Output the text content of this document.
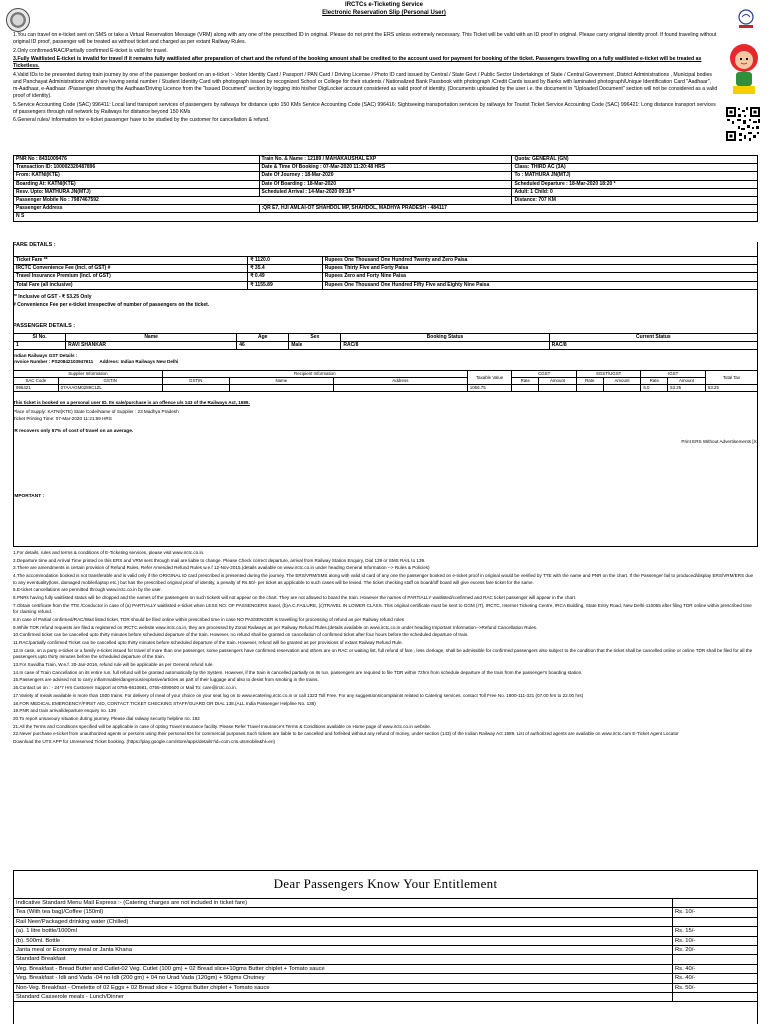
IRCTCs e-Ticketing Service
Electronic Reservation Slip (Personal User)

1.You can travel on e-ticket sent on SMS or take a Virtual Reservation Message (VRM) along with any one of the prescribed ID in original. Please do not print the ERS unless extremely necessary. This Ticket will be valid with an ID proof in original. Please carry original identity proof. If found traveling without original ID proof, passenger will be treated as without ticket and charged as per extant Railway Rules.

2.Only confirmed/RAC/Partially confirmed E-ticket is valid for travel.

3.Fully Waitlisted E-ticket is invalid for travel if it remains fully waitlisted after preparation of chart and the refund of the booking amount shall be credited to the account used for payment for booking of the ticket. Passengers travelling on a fully waitlisted e-ticket will be treated as Ticketless.

4.Valid IDs to be presented during train journey by one of the passenger booked on an e-ticket :- Voter Identity Card / Passport / PAN Card / Driving License / Photo ID card issued by Central / State Govt / Public Sector Undertakings of State / Central Government ,District Administrations , Municipal bodies and Panchayat Administrations which are having serial number / Student Identity Card with photograph issued by recognized School or College for their students / Nationalized Bank Passbook with photograph /Credit Cards issued by Banks with laminated photograph/Unique Identification Card "Aadhaar", m-Aadhaar, e-Aadhaar. /Passenger showing the Aadhaar/Driving Licence from the "Issued Document" section by logging into his/her DigiLocker account considered as valid proof of identity. (Documents uploaded by the user i.e. the document in "Uploaded Document" section will not be considered as a valid proof of identity).

5.Service Accounting Code (SAC) 996411: Local land transport services of passengers by railways for distance upto 150 KMs Service Accounting Code (SAC) 996416: Sightseeing transportation services by railways for Tourist Ticket Service Accounting Code (SAC) 996421: Long distance transport services of passengers through rail network by Railways for distance beyond 150 KMs

6.General rules/ Information for e-ticket passenger have to be studied by the customer for cancellation & refund.

PNR No : 8431009476	Train No. & Name : 12189 / MAHAKAUSHAL EXP	Quota: GENERAL (GN)
Transaction ID: 100002320487896	Date & Time Of Booking : 07-Mar-2020 11:20:48 HRS	Class: THIRD AC (3A)
From: KATNI(KTE)	Date Of Journey : 18-Mar-2020	To : MATHURA JN(MTJ)
Boarding At: KATNI(KTE)	Date Of Boarding : 18-Mar-2020	Scheduled Departure : 18-Mar-2020 18:20 *
Resv. Upto: MATHURA JN(MTJ)	Scheduled Arrival : 14-Mar-2020 09:16 *	Adult: 1 Child: 0
Passenger Mobile No : 7987467592		Distance: 707 KM
Passenger Address	:QR E7, HJI AMLAI-OT SHAHDOL MP, SHAHDOL, MADHYA PRADESH - 484117	
N S		
FARE DETAILS :
Ticket Fare **	₹ 1120.0	Rupees One Thousand One Hundred Twenty and Zero Paisa
IRCTC Convenience Fee (Incl. of GST) #	₹ 35.4	Rupees Thirty Five and Forty Paisa
Travel Insurance Premium (Incl. of GST)	₹ 0.49	Rupees Zero and Forty Nine Paisa
Total Fare (all inclusive)	₹ 1155.89	Rupees One Thousand One Hundred Fifty Five and Eighty Nine Paisa
** Inclusive of GST - ₹ 53.25 Only
# Convenience Fee per e-ticket irrespective of number of passengers on the ticket.
PASSENGER DETAILS :
Sl No.	Name	Age	Sex	Booking Status	Current Status
1	RAVI SHANKAR	46	Male	RAC/8	RAC/8
Indian Railways GST Details :
Invoice Number : PS20842103947611 Address: Indian Railways New Delhi
Supplier Information		Recipient Information			Taxable Value	CGST		SGST/UGST		IGST		Total Tax
SAC Code	GSTIN	GSTIN	Name	Address		Rate	Amount	Rate	Amount	Rate	Amount	
996421	07AAAGM0289C1ZL				1066.75					5.0	53.25	53.25
This ticket is booked on a personal user ID. Its sale/purchase is an offence u/s 143 of the Railways Act, 1989.
Place of Supply: KATNI(KTE) State Code/Name of Supplier : 23 Madhya Pradesh
Ticket Printing Time: 07-Mar-2020 11:21:59 HRS
IR recovers only 57% of cost of travel on an average.
Print ERS Without Advertisements [X]
IMPORTANT :

1.For details, rules and terms & conditions of E-Ticketing services, please visit www.irctc.co.in.

2.Departure time and Arrival Time printed on this ERS and VRM sent through mail are liable to change. Please Check correct departure, arrival from Railway Station Enquiry, Dial 139 or SMS RAIL to 139.

3.There are amendments in certain provision of Refund Rules. Refer Amended Refund Rules w.e.f 12-Nov-2015.(details available on www.irctc.co.in under heading General Information --> Rules & Policies)

4.The accommodation booked is not transferable and is valid only if the ORIGINAL ID card prescribed is presented during the journey. The ERS/VRM/SMS along with valid id card of any one the passenger booked on e-ticket proof in original would be verified by TTE with the name and PNR on the chart. If the Passenger fail to produced/display ERS/VRM/ERS due to any eventuality(loss, damaged mobile/laptop etc.) but has the prescribed original proof of identity, a penalty of Rs.50/- per ticket as applicable to such cases will be levied. The ticket checking staff on board/off board will give excess fare ticket for the same.

5.E-ticket cancellations are permitted through www.irctc.co.in by the user.

6.PNRs having fully waitlisted status will be dropped and the names of the passengers on such tickets will not appear on the chart. They are not allowed to board the train. However the names of PARTIALLY waitlisted/confirmed and RAC ticket passenger will appear in the chart.

7.Obtain certificate from the TTE /Conductor in case of (a) PARTIALLY waitlisted e-ticket when LESS NO. OF PASSENGERS travel, (b)A.C.FAILURE, (c)TRAVEL IN LOWER CLASS. This original certificate must be sent to GGM (IT), IRCTC, Internet Ticketing Centre, IRCA Building, State Entry Road, New Delhi-110055 after filing TDR online within prescribed time for claiming refund.

8.In case of Partial confirmed/RAC/Wait listed ticket, TDR should be filed online within prescribed time in case NO PASSENGER is travelling for processing of refund as per Railway refund rules

9.While TDR refund requests are filed & registered on IRCTC website www.irctc.co.in, they are processed by Zonal Railways as per Railway Refund Rules.(details available on www.irctc.co.in under heading Important Information-->Refund Cancellation Rules.

10.Confirmed ticket can be cancelled upto thirty minutes before scheduled departure of the train. However, no refund shall be granted on cancellation of confirmed ticket after four hours before the scheduled departure of train.

11.RAC/partially confirmed Ticket can be cancelled upto thirty minutes before scheduled departure of the train. However, refund will be granted as per provisions of extant Railway Refund Rule.

12.In case, on a party e-ticket or a family e-ticket issued for travel of more than one passenger, some passengers have confirmed reservation and others are on RAC or waiting list, full refund of fare , less clerkage, shall be admissible for confirmed passengers also subject to the condition that the ticket shall be cancelled online or online TDR shall be filed for all the passengers upto thirty minutes before the scheduled departure of the train.

13.For Suvidha Train, W.e.f. 20-Jan-2016, refund rule will be applicable as per General refund rule.

14.In case of Train Cancellation on its entire run, full refund will be granted automatically by the System. However, if the train is cancelled partially on its run, passengers are required to file TDR within 72hrs from schedule departure of the train from the passenger's boarding station.

15.Passengers are advised not to carry inflammable/dangerous/explosive/articles as part of their luggage and also to desist from smoking in the trains.

16.Contact us on : - 24*7 Hrs Customer Support at 0755-6610661, 0755-4090600 or Mail To: care@irctc.co.in.

17.Variety of meals available in more than 1500 trains. For delivery of meal of your choice on your seat log on to www.ecatering.irctc.co.in or call 1323 Toll Free. For any suggestions/complaints related to Catering services, contact Toll Free No. 1800-111-321 (07.00 hrs to 22.00 hrs)

18.FOR MEDICAL EMERGENCY/FIRST AID, CONTACT TICKET CHECKING STAFF/GUARD OR DIAL 138.(ALL India Passenger Helpline No. 138)

19.PNR and train arrival/departure enquiry no. 139

20.To report unsavoury situation during journey, Please dial railway security helpline no. 182

21.All the Terms and Conditions specified will be applicable in case of opting Travel Insurance facility. Please Refer Travel Insurance's Terms & Conditions available on Home page of www.irctc.co.in website.

22.Never purchase e-ticket from unauthorized agents or persons using their personal IDs for commercial purposes.Such tickets are liable to be cancelled and forfeited without any refund of money, under section (143) of the Indian Railway Act 1989. List of authorized agents are available on www.irctc.com E-Ticket Agent Locator

Download the UTS APP for Unreserved Ticket booking. (https://play.google.com/store/apps/details?id=com.cris.utsmobile&hl=en)

Dear Passengers Know Your Entitlement
Indicative Standard Menu Mail Express :- (Catering charges are not included in ticket fare)	
Tea (With tea bag)/Coffee (150ml)	Rs. 10/-
Rail Neer/Packaged drinking water (Chilled)	
(a). 1 litre bottle/1000ml	Rs. 15/-
(b). 500ml. Bottle	Rs. 10/-
Janta meal or Economy meal or Janta Khana	Rs. 20/-
Standard Breakfast	
Veg. Breakfast - Bread Butter and Cutlet-02 Veg. Cutlet (100 gm) + 02 Bread slice+10gms Butter chiplet + Tomato sauce	Rs. 40/-
Veg. Breakfast - Idli and Vada -04 no Idli (200 gm) + 04 no Urad Vada (120gm) + 50gms Chutney	Rs. 40/-
Non-Veg. Breakfast - Omelette of 02 Eggs + 02 Bread slice + 10gms Butter chiplet + Tomato sauce	Rs. 50/-
Standard Casserole meals - Lunch/Dinner	
